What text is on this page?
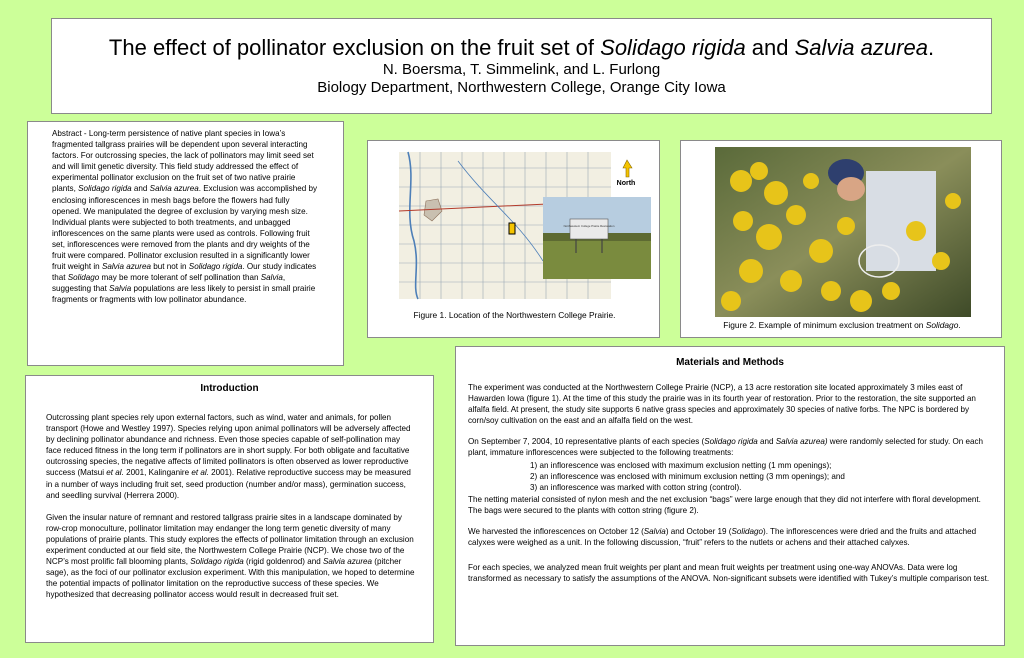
The effect of pollinator exclusion on the fruit set of Solidago rigida and Salvia azurea.
N. Boersma, T. Simmelink, and L. Furlong
Biology Department, Northwestern College, Orange City Iowa
Abstract - Long-term persistence of native plant species in Iowa’s fragmented tallgrass prairies will be dependent upon several interacting factors. For outcrossing species, the lack of pollinators may limit seed set and will limit genetic diversity. This field study addressed the effect of experimental pollinator exclusion on the fruit set of two native prairie plants, Solidago rigida and Salvia azurea. Exclusion was accomplished by enclosing inflorescences in mesh bags before the flowers had fully opened. We manipulated the degree of exclusion by varying mesh size. Individual plants were subjected to both treatments, and unbagged inflorescences on the same plants were used as controls. Following fruit set, inflorescences were removed from the plants and dry weights of the fruit were compared. Pollinator exclusion resulted in a significantly lower fruit weight in Salvia azurea but not in Solidago rigida. Our study indicates that Solidago may be more tolerant of self pollination than Salvia, suggesting that Salvia populations are less likely to persist in small prairie fragments or fragments with low pollinator abundance.
Northwestern College Prairie Restoration
North
Figure 1. Location of the Northwestern College Prairie.
Figure 2. Example of minimum exclusion treatment on Solidago.
Introduction
Outcrossing plant species rely upon external factors, such as wind, water and animals, for pollen transport (Howe and Westley 1997). Species relying upon animal pollinators will be adversely affected by declining pollinator abundance and richness. Even those species capable of self-pollination may face reduced fitness in the long term if pollinators are in short supply. For both obligate and facultative outcrossing species, the negative affects of limited pollinators is often observed as lower reproductive success (Matsui et al. 2001, Kalinganire et al. 2001). Relative reproductive success may be measured in a number of ways including fruit set, seed production (number and/or mass), germination success, and seedling survival (Herrera 2000).
Given the insular nature of remnant and restored tallgrass prairie sites in a landscape dominated by row-crop monoculture, pollinator limitation may endanger the long term genetic diversity of many populations of prairie plants. This study explores the effects of pollinator limitation through an exclusion experiment conducted at our field site, the Northwestern College Prairie (NCP). We chose two of the NCP’s most prolific fall blooming plants, Solidago rigida (rigid goldenrod) and Salvia azurea (pitcher sage), as the foci of our pollinator exclusion experiment. With this manipulation, we hoped to determine the potential impacts of pollinator limitation on the reproductive success of these species. We hypothesized that decreasing pollinator access would result in decreased fruit set.
Materials and Methods
The experiment was conducted at the Northwestern College Prairie (NCP), a 13 acre restoration site located approximately 3 miles east of Hawarden Iowa (figure 1). At the time of this study the prairie was in its fourth year of restoration. Prior to the restoration, the site supported an alfalfa field. At present, the study site supports 6 native grass species and approximately 30 species of native forbs. The NPC is bordered by corn/soy cultivation on the east and an alfalfa field on the west.
On September 7, 2004, 10 representative plants of each species (Solidago rigida and Salvia azurea) were randomly selected for study. On each plant, immature inflorescences were subjected to the following treatments:
1) an inflorescence was enclosed with maximum exclusion netting (1 mm openings);
2) an inflorescence was enclosed with minimum exclusion netting (3 mm openings); and
3) an inflorescence was marked with cotton string (control).
The netting material consisted of nylon mesh and the net exclusion “bags” were large enough that they did not interfere with floral development. The bags were secured to the plants with cotton string (figure 2).
We harvested the inflorescences on October 12 (Salvia) and October 19 (Solidago). The inflorescences were dried and the fruits and attached calyxes were weighed as a unit. In the following discussion, “fruit” refers to the nutlets or achens and their attached calyxes.
For each species, we analyzed mean fruit weights per plant and mean fruit weights per treatment using one-way ANOVAs. Data were log transformed as necessary to satisfy the assumptions of the ANOVA. Non-significant subsets were identified with Tukey’s multiple comparison test.
